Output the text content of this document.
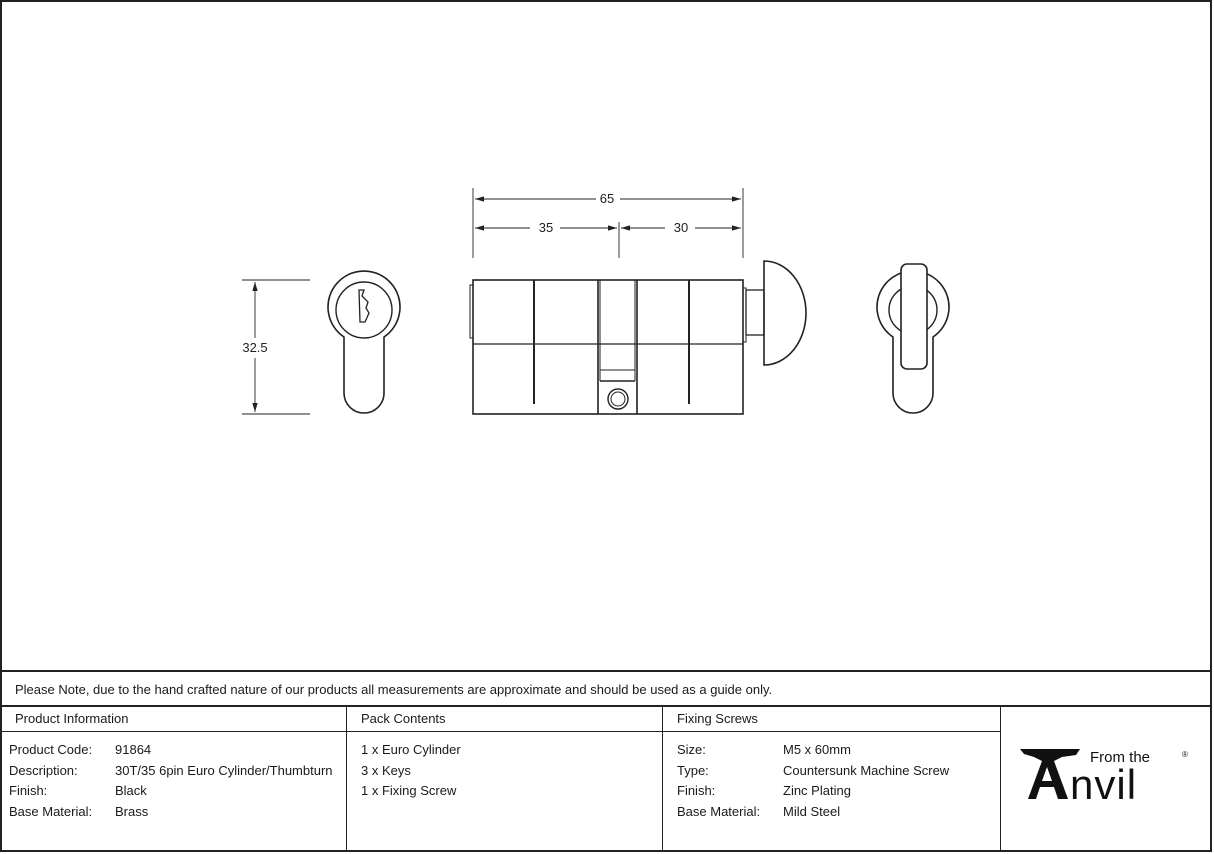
65
35	30
32.5
Please Note, due to the hand crafted nature of our products all measurements are approximate and should be used as a guide only.
Product Information
Product Code:	91864
Description:	30T/35 6pin Euro Cylinder/Thumbturn
Finish:	Black
Base Material:	Brass
Pack Contents
1 x Euro Cylinder
3 x Keys
1 x Fixing Screw
Fixing Screws
Size:	M5 x 60mm
Type:	Countersunk Machine Screw
Finish:	Zinc Plating
Base Material:	Mild Steel
From the
nvil
®
